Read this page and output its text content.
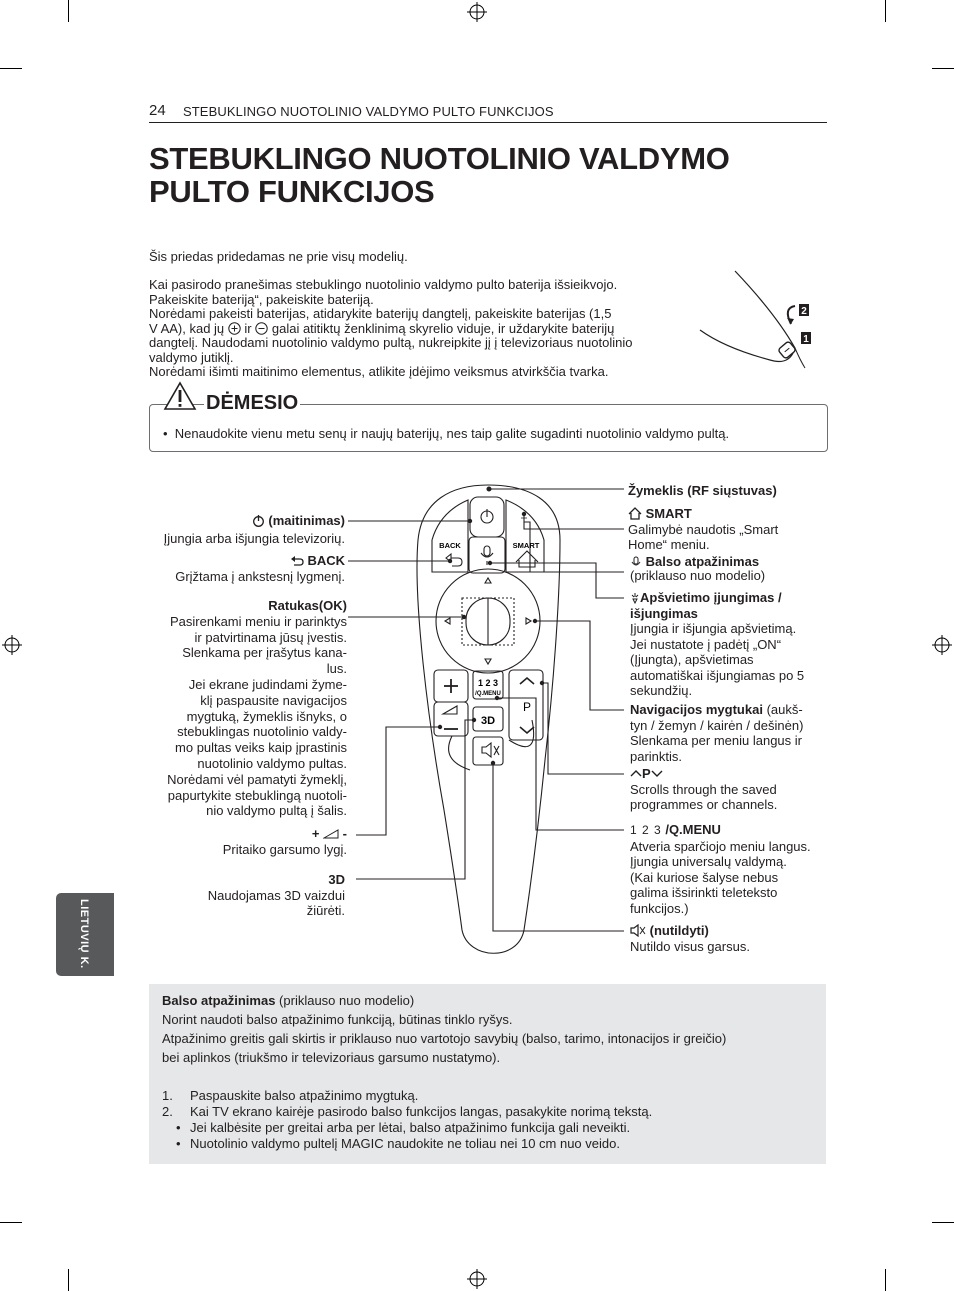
24 STEBUKLINGO NUOTOLINIO VALDYMO PULTO FUNKCIJOS
STEBUKLINGO NUOTOLINIO VALDYMO
PULTO FUNKCIJOS
Šis priedas pridedamas ne prie visų modelių.
Kai pasirodo pranešimas stebuklingo nuotolinio valdymo pulto baterija išsieikvojo.
Pakeiskite bateriją“, pakeiskite bateriją.
Norėdami pakeisti baterijas, atidarykite baterijų dangtelį, pakeiskite baterijas (1,5
V AA), kad jų ir galai atitiktų ženklinimą skyrelio viduje, ir uždarykite baterijų
dangtelį. Naudodami nuotolinio valdymo pultą, nukreipkite jį į televizoriaus nuotolinio
valdymo jutiklį.
Norėdami išimti maitinimo elementus, atlikite įdėjimo veiksmus atvirkščia tvarka.
2
1
DĖMESIO
•  Nenaudokite vienu metu senų ir naujų baterijų, nes taip galite sugadinti nuotolinio valdymo pultą.
BACK	SMART
1 2 3
/Q.MENU
P
3D
(maitinimas)
Įjungia arba išjungia televizorių.
BACK
Grįžtama į ankstesnį lygmenį.
Ratukas(OK)
Pasirenkami meniu ir parinktys
ir patvirtinama jūsų įvestis.
Slenkama per įrašytus kana-
lus.
Jei ekrane judindami žyme-
klį paspausite navigacijos
mygtuką, žymeklis išnyks, o
stebuklingas nuotolinio valdy-
mo pultas veiks kaip įprastinis
nuotolinio valdymo pultas.
Norėdami vėl pamatyti žymeklį,
papurtykite stebuklingą nuotoli-
nio valdymo pultą į šalis.
+ -
Pritaiko garsumo lygį.
3D
Naudojamas 3D vaizdui
žiūrėti.
Žymeklis (RF siųstuvas)
SMART
Galimybė naudotis „Smart
Home“ meniu.
Balso atpažinimas
(priklauso nuo modelio)
Apšvietimo įjungimas /
išjungimas
Įjungia ir išjungia apšvietimą.
Jei nustatote į padėtį „ON“
(Įjungta), apšvietimas
automatiškai išjungiamas po 5
sekundžių.
Navigacijos mygtukai (aukš-
tyn / žemyn / kairėn / dešinėn)
Slenkama per meniu langus ir
parinktis.
P
Scrolls through the saved
programmes or channels.
1 2 3 /Q.MENU
Atveria sparčiojo meniu langus.
Įjungia universalų valdymą.
(Kai kuriose šalyse nebus
galima išsirinkti teleteksto
funkcijos.)
(nutildyti)
Nutildo visus garsus.
LIETUVIŲ K.
Balso atpažinimas (priklauso nuo modelio)
Norint naudoti balso atpažinimo funkciją, būtinas tinklo ryšys.
Atpažinimo greitis gali skirtis ir priklauso nuo vartotojo savybių (balso, tarimo, intonacijos ir greičio)
bei aplinkos (triukšmo ir televizoriaus garsumo nustatymo).
1.	Paspauskite balso atpažinimo mygtuką.
2.	Kai TV ekrano kairėje pasirodo balso funkcijos langas, pasakykite norimą tekstą.
• Jei kalbėsite per greitai arba per lėtai, balso atpažinimo funkcija gali neveikti.
• Nuotolinio valdymo pultelį MAGIC naudokite ne toliau nei 10 cm nuo veido.
